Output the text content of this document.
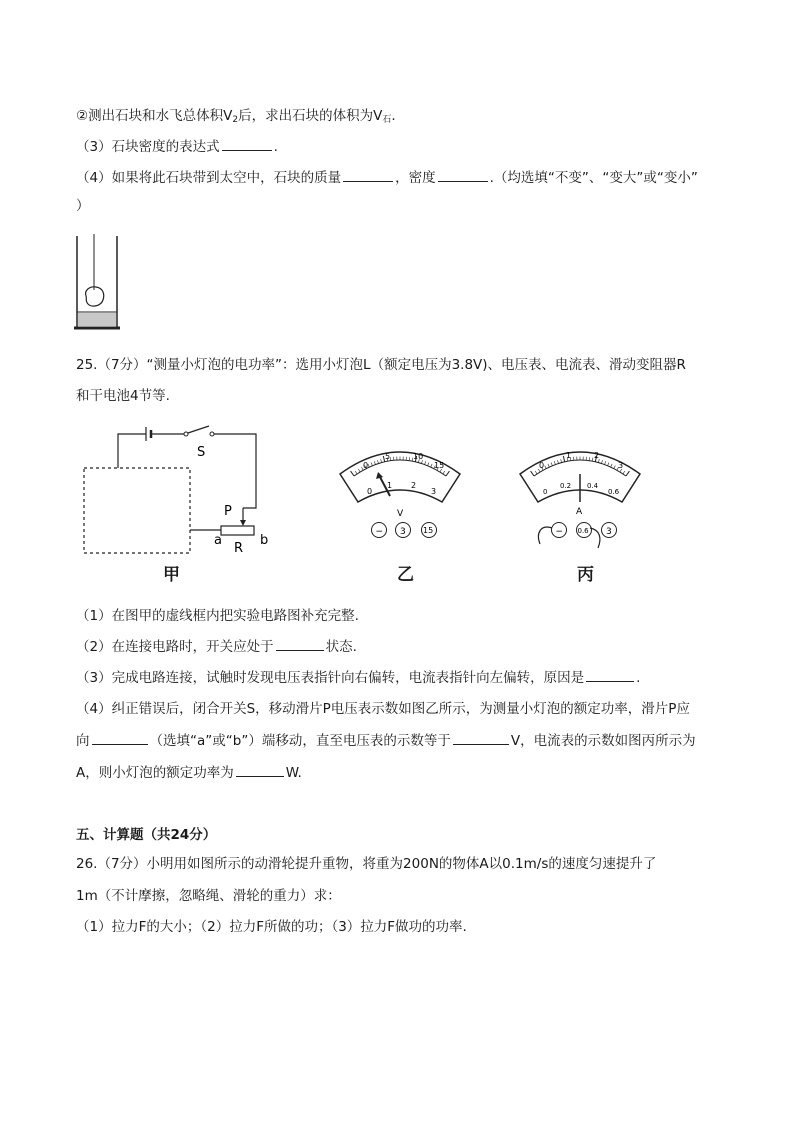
②测出石块和水飞总体积$V_2$后，求出石块的体积为$V_石$.
（3）石块密度的表达式	.
（4）如果将此石块带到太空中，石块的质量	，密度	.（均选填“不变”、“变大”或“变小”
）
25.（7分）“测量小灯泡的电功率”：选用小灯泡L（额定电压为3.8V)、电压表、电流表、滑动变阻器R
和干电池4节等.
S
P
a
R
b
甲
0
5	10
15
0
1 2
3
V
− 3 15
乙
0
1	2
3
0
0.2 0.4
0.6
A
− 0.6 3
丙
（1）在图甲的虚线框内把实验电路图补充完整.
（2）在连接电路时，开关应处于	状态.
（3）完成电路连接，试触时发现电压表指针向右偏转，电流表指针向左偏转，原因是	.
（4）纠正错误后，闭合开关S，移动滑片P电压表示数如图乙所示，为测量小灯泡的额定功率，滑片P应
向	（选填“a”或“b”）端移动，直至电压表的示数等于	V，电流表的示数如图丙所示为
A，则小灯泡的额定功率为	W.
五、计算题（共24分）
26.（7分）小明用如图所示的动滑轮提升重物，将重为200N的物体A以0.1m/s的速度匀速提升了
1m（不计摩擦，忽略绳、滑轮的重力）求：
（1）拉力F的大小；（2）拉力F所做的功；（3）拉力F做功的功率.
